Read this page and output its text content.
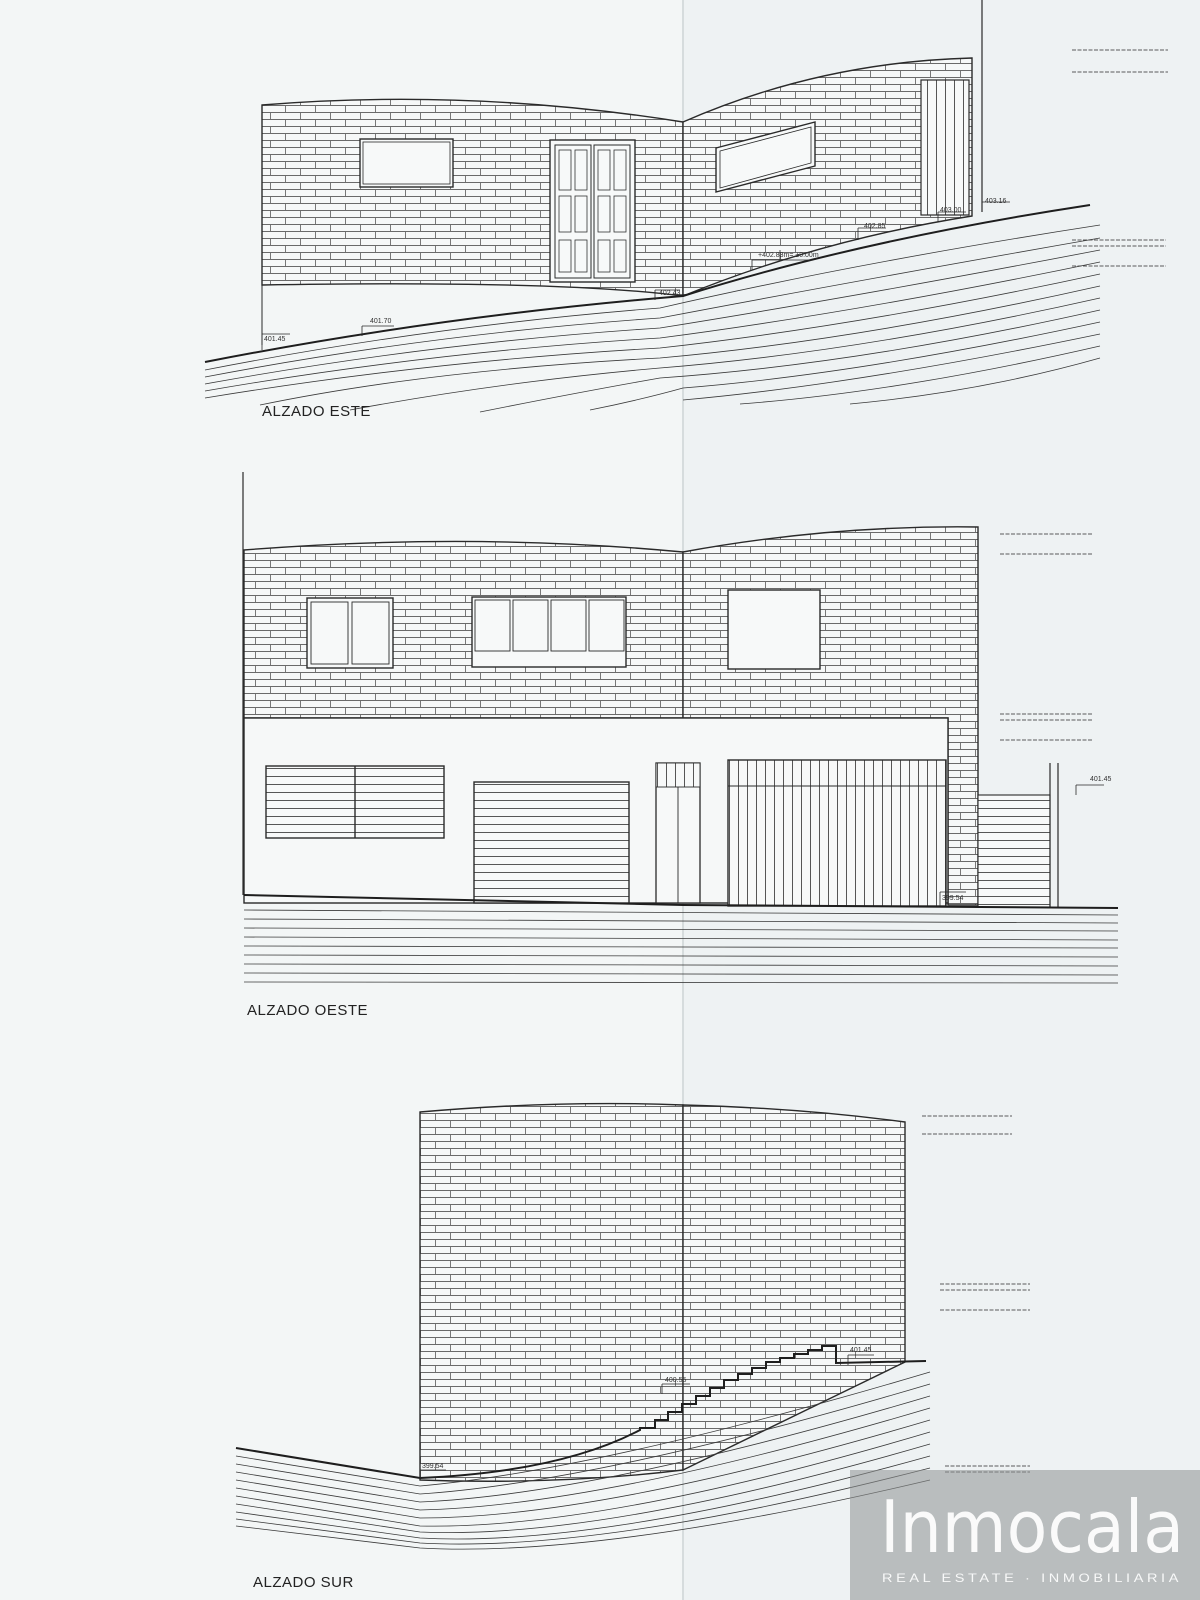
401.45
401.70
402.43
+402.83m= ±0.00m
402.85
403.00
403.16
ALZADO ESTE
399.54
401.45
ALZADO OESTE
399.54
400.55
401.45
ALZADO SUR
Inmocala
REAL ESTATE · INMOBILIARIA
